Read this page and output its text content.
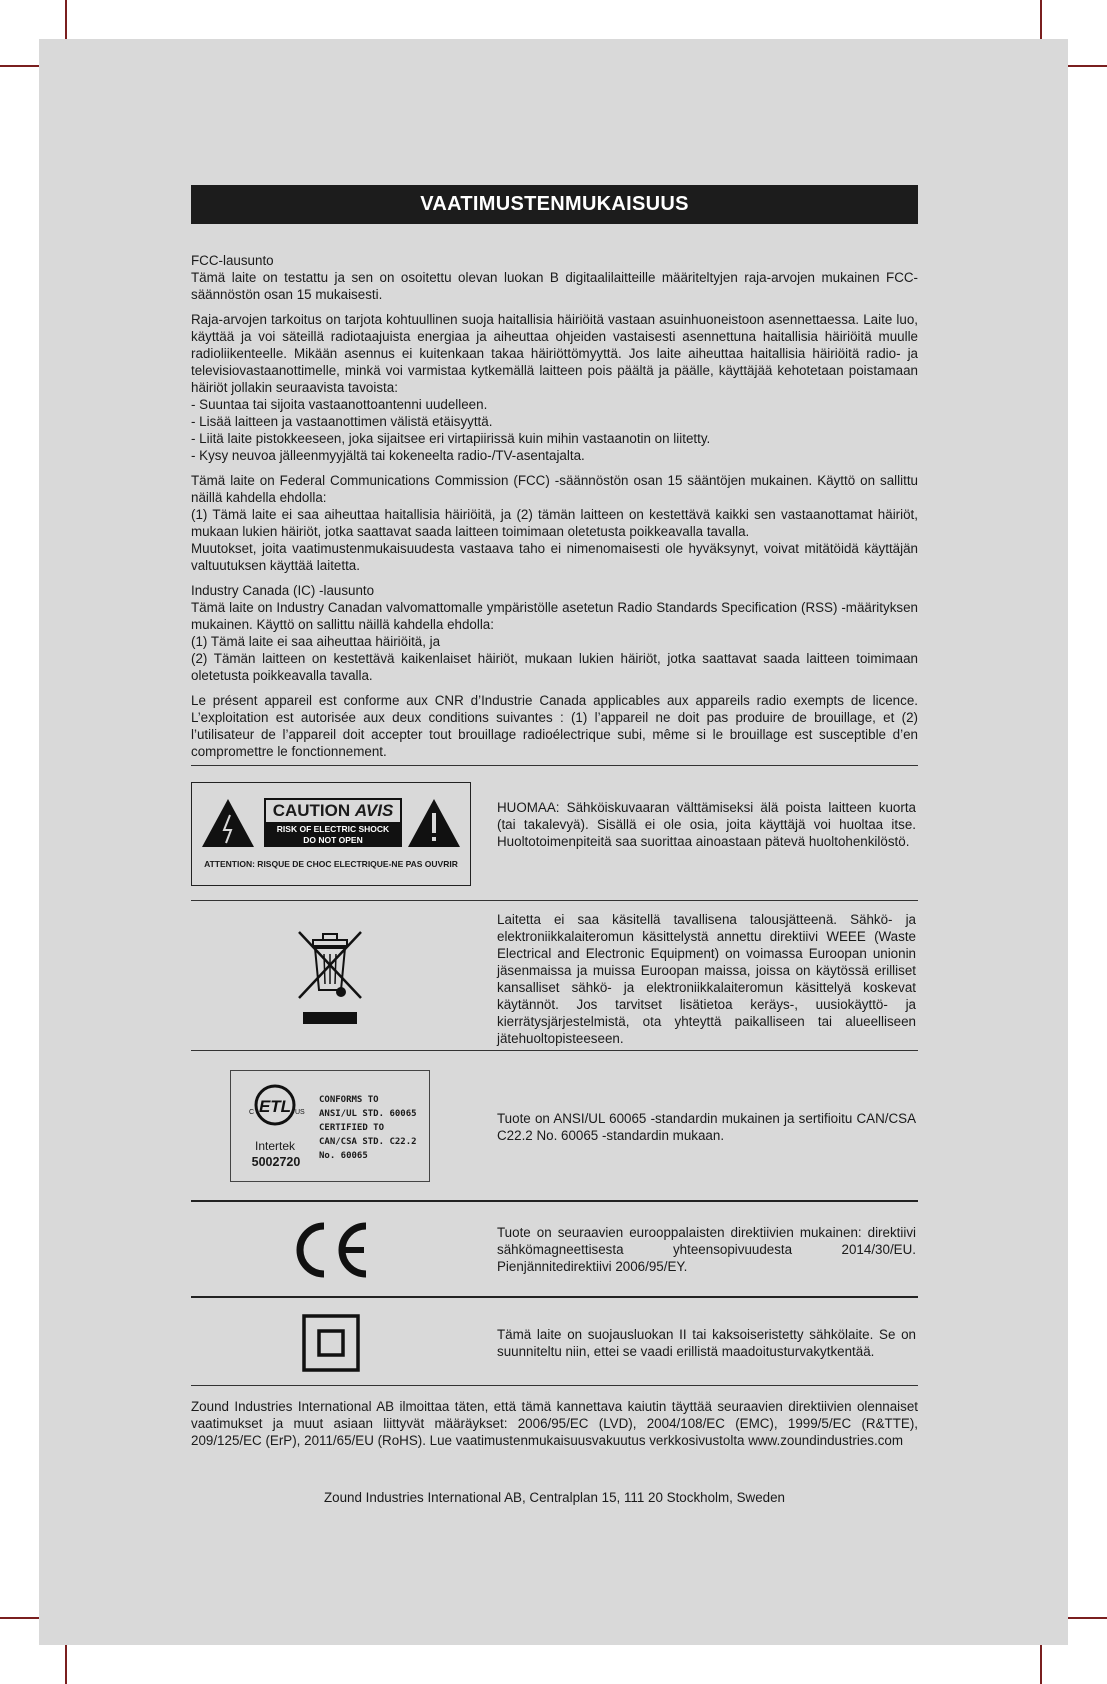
VAATIMUSTENMUKAISUUS

FCC-lausunto

Tämä laite on testattu ja sen on osoitettu olevan luokan B digitaalilaitteille määriteltyjen raja-arvojen mukainen FCC-säännöstön osan 15 mukaisesti.

Raja-arvojen tarkoitus on tarjota kohtuullinen suoja haitallisia häiriöitä vastaan asuinhuoneistoon asennettaessa. Laite luo, käyttää ja voi säteillä radiotaajuista energiaa ja aiheuttaa ohjeiden vastaisesti asennettuna haitallisia häiriöitä muulle radioliikenteelle. Mikään asennus ei kuitenkaan takaa häiriöttömyyttä. Jos laite aiheuttaa haitallisia häiriöitä radio- ja televisiovastaanottimelle, minkä voi varmistaa kytkemällä laitteen pois päältä ja päälle, käyttäjää kehotetaan poistamaan häiriöt jollakin seuraavista tavoista:

- Suuntaa tai sijoita vastaanottoantenni uudelleen.

- Lisää laitteen ja vastaanottimen välistä etäisyyttä.

- Liitä laite pistokkeeseen, joka sijaitsee eri virtapiirissä kuin mihin vastaanotin on liitetty.

- Kysy neuvoa jälleenmyyjältä tai kokeneelta radio-/TV-asentajalta.

Tämä laite on Federal Communications Commission (FCC) -säännöstön osan 15 sääntöjen mukainen. Käyttö on sallittu näillä kahdella ehdolla:

(1) Tämä laite ei saa aiheuttaa haitallisia häiriöitä, ja (2) tämän laitteen on kestettävä kaikki sen vastaanottamat häiriöt, mukaan lukien häiriöt, jotka saattavat saada laitteen toimimaan oletetusta poikkeavalla tavalla.

Muutokset, joita vaatimustenmukaisuudesta vastaava taho ei nimenomaisesti ole hyväksynyt, voivat mitätöidä käyttäjän valtuutuksen käyttää laitetta.

Industry Canada (IC) -lausunto

Tämä laite on Industry Canadan valvomattomalle ympäristölle asetetun Radio Standards Specification (RSS) -määrityksen mukainen. Käyttö on sallittu näillä kahdella ehdolla:

(1) Tämä laite ei saa aiheuttaa häiriöitä, ja

(2) Tämän laitteen on kestettävä kaikenlaiset häiriöt, mukaan lukien häiriöt, jotka saattavat saada laitteen toimimaan oletetusta poikkeavalla tavalla.

Le présent appareil est conforme aux CNR d’Industrie Canada applicables aux appareils radio exempts de licence. L’exploitation est autorisée aux deux conditions suivantes : (1) l’appareil ne doit pas produire de brouillage, et (2) l’utilisateur de l’appareil doit accepter tout brouillage radioélectrique subi, même si le brouillage est susceptible d’en compromettre le fonctionnement.

CAUTION AVIS
RISK OF ELECTRIC SHOCK
DO NOT OPEN
ATTENTION: RISQUE DE CHOC ELECTRIQUE-NE PAS OUVRIR
HUOMAA: Sähköiskuvaaran välttämiseksi älä poista laitteen kuorta (tai takalevyä). Sisällä ei ole osia, joita käyttäjä voi huoltaa itse. Huoltotoimenpiteitä saa suorittaa ainoastaan pätevä huoltohenkilöstö.
Laitetta ei saa käsitellä tavallisena talousjätteenä. Sähkö- ja elektroniikkalaiteromun käsittelystä annettu direktiivi WEEE (Waste Electrical and Electronic Equipment) on voimassa Euroopan unionin jäsenmaissa ja muissa Euroopan maissa, joissa on käytössä erilliset kansalliset sähkö- ja elektroniikkalaiteromun käsittelyä koskevat käytännöt. Jos tarvitset lisätietoa keräys-, uusiokäyttö- ja kierrätysjärjestelmistä, ota yhteyttä paikalliseen tai alueelliseen jätehuoltopisteeseen.
ETL
C	US
Intertek
5002720
CONFORMS TO
ANSI/UL STD. 60065
CERTIFIED TO
CAN/CSA STD. C22.2
No. 60065
Tuote on ANSI/UL 60065 -standardin mukainen ja sertifioitu CAN/CSA C22.2 No. 60065 -standardin mukaan.
Tuote on seuraavien eurooppalaisten direktiivien mukainen: direktiivi sähkömagneettisesta yhteensopivuudesta 2014/30/EU. Pienjännitedirektiivi 2006/95/EY.
Tämä laite on suojausluokan II tai kaksoiseristetty sähkölaite. Se on suunniteltu niin, ettei se vaadi erillistä maadoitusturvakytkentää.

Zound Industries International AB ilmoittaa täten, että tämä kannettava kaiutin täyttää seuraavien direktiivien olennaiset vaatimukset ja muut asiaan liittyvät määräykset: 2006/95/EC (LVD), 2004/108/EC (EMC), 1999/5/EC (R&TTE), 209/125/EC (ErP), 2011/65/EU (RoHS). Lue vaatimustenmukaisuusvakuutus verkkosivustolta www.zoundindustries.com

Zound Industries International AB, Centralplan 15, 111 20 Stockholm, Sweden
